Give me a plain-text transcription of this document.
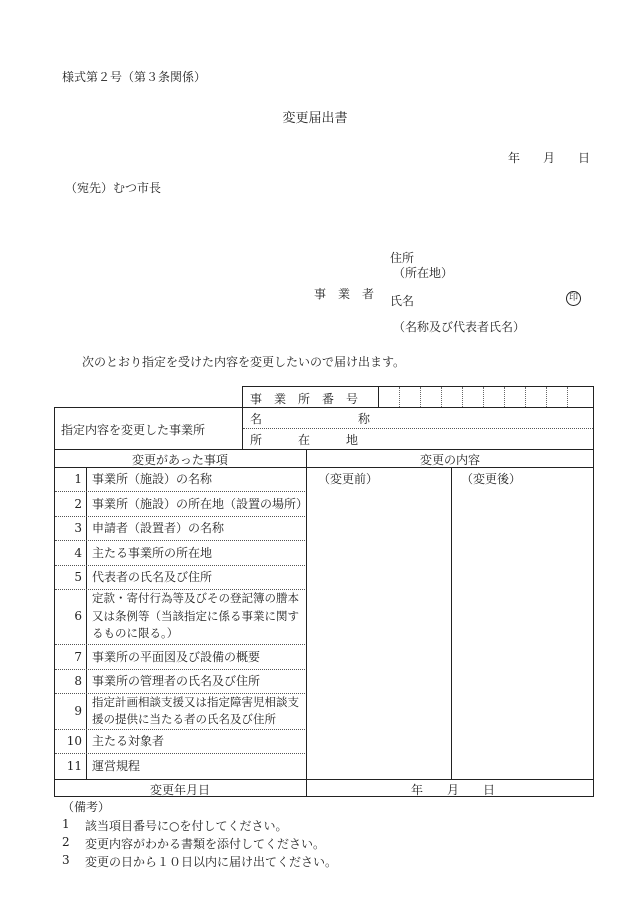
様式第２号（第３条関係）
変更届出書
年 月 日
（宛先）むつ市長
住所
（所在地）
事　業　者 氏名	印
（名称及び代表者氏名）
次のとおり指定を受けた内容を変更したいので届け出ます。
事　業　所　番　号
指定内容を変更した事業所
名　　　　　　　　称
所　　　在　　　地
変更があった事項	変更の内容
（変更前）	（変更後）
1 事業所（施設）の名称
2 事業所（施設）の所在地（設置の場所）
3 申請者（設置者）の名称
4 主たる事業所の所在地
5 代表者の氏名及び住所
6
定款・寄付行為等及びその登記簿の謄本又は条例等（当該指定に係る事業に関するものに限る。）
7 事業所の平面図及び設備の概要
8 事業所の管理者の氏名及び住所
9
指定計画相談支援又は指定障害児相談支援の提供に当たる者の氏名及び住所
10 主たる対象者
11 運営規程
変更年月日	年 月 日
（備考）
1 該当項目番号に○を付してください。
2 変更内容がわかる書類を添付してください。
3 変更の日から１０日以内に届け出てください。
